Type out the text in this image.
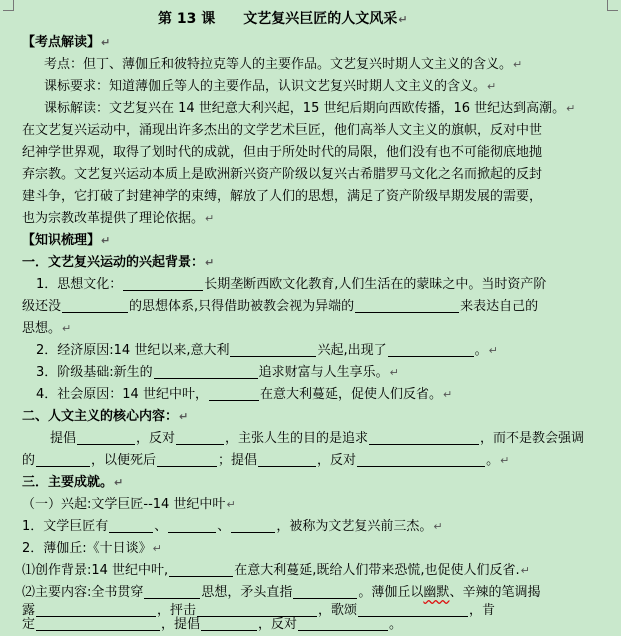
第 13 课 文艺复兴巨匠的人文风采↵
【考点解读】↵
考点：但丁、薄伽丘和彼特拉克等人的主要作品。文艺复兴时期人文主义的含义。↵
课标要求：知道薄伽丘等人的主要作品，认识文艺复兴时期人文主义的含义。↵
课标解读：文艺复兴在 14 世纪意大利兴起，15 世纪后期向西欧传播，16 世纪达到高潮。↵
在文艺复兴运动中，涌现出许多杰出的文学艺术巨匠，他们高举人文主义的旗帜，反对中世
纪神学世界观，取得了划时代的成就，但由于所处时代的局限，他们没有也不可能彻底地抛
弃宗教。文艺复兴运动本质上是欧洲新兴资产阶级以复兴古希腊罗马文化之名而掀起的反封
建斗争，它打破了封建神学的束缚，解放了人们的思想，满足了资产阶级早期发展的需要，
也为宗教改革提供了理论依据。↵
【知识梳理】↵
一．文艺复兴运动的兴起背景：↵
1．思想文化：	长期垄断西欧文化教育,人们生活在的蒙昧之中。当时资产阶
级还没	的思想体系,只得借助被教会视为异端的	来表达自己的
思想。↵
2．经济原因:14 世纪以来,意大利	兴起,出现了	。↵
3．阶级基础:新生的	追求财富与人生享乐。↵
4．社会原因：14 世纪中叶，	在意大利蔓延，促使人们反省。↵
二、人文主义的核心内容：↵
提倡	，反对	，主张人生的目的是追求	，而不是教会强调
的	，以便死后	；提倡	，反对	。↵
三．主要成就。↵
（一）兴起:文学巨匠--14 世纪中叶↵
1．文学巨匠有	、	、	，被称为文艺复兴前三杰。↵
2．薄伽丘:《十日谈》↵
⑴创作背景:14 世纪中叶,	在意大利蔓延,既给人们带来恐慌,也促使人们反省.↵
⑵主要内容:全书贯穿	思想，矛头直指	。薄伽丘以幽默、辛辣的笔调揭
露	，抨击	，歌颂	，肯
定	，提倡	，反对	。
